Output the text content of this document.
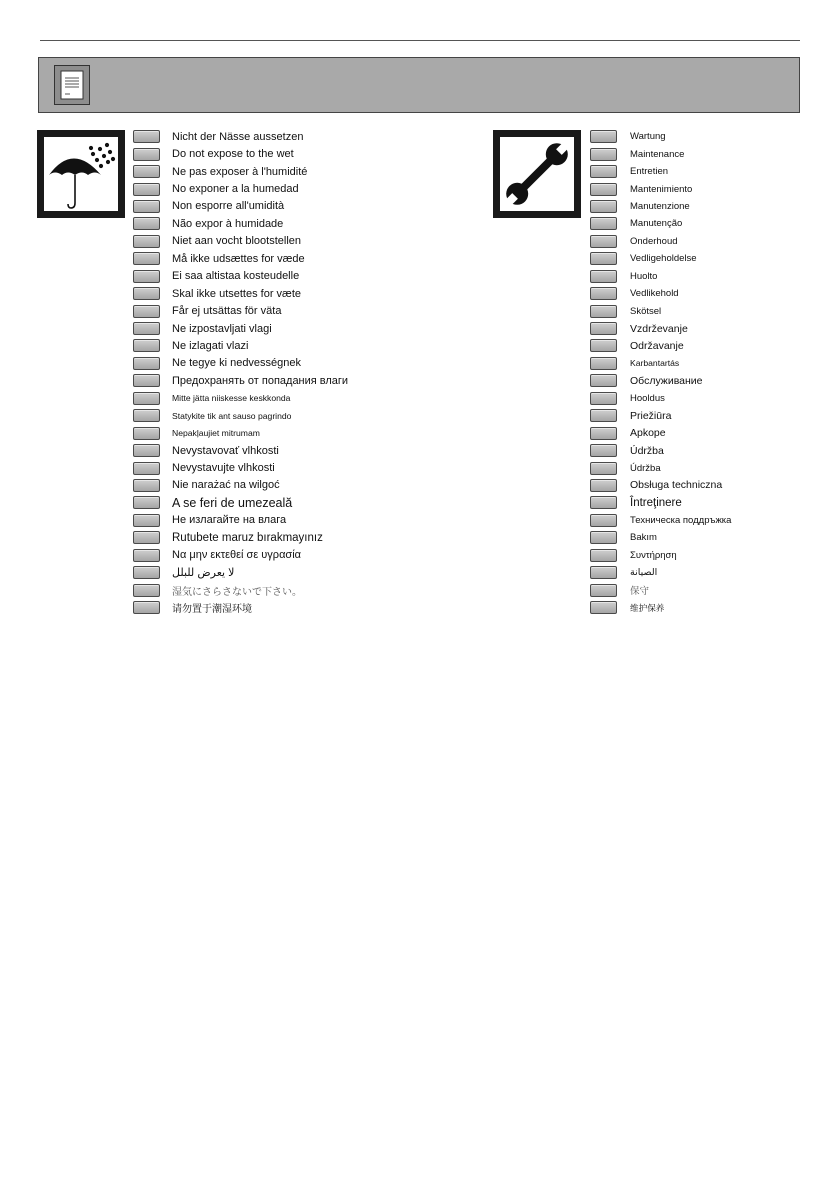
Nicht der Nässe aussetzen
Do not expose to the wet
Ne pas exposer à l'humidité
No exponer a la humedad
Non esporre all'umidità
Não expor à humidade
Niet aan vocht blootstellen
Må ikke udsættes for væde
Ei saa altistaa kosteudelle
Skal ikke utsettes for væte
Får ej utsättas för väta
Ne izpostavljati vlagi
Ne izlagati vlazi
Ne tegye ki nedvességnek
Предохранять от попадания влаги
Mitte jätta niiskesse keskkonda
Statykite tik ant sauso pagrindo
Nepakļaujiet mitrumam
Nevystavovať vlhkosti
Nevystavujte vlhkosti
Nie narażać na wilgoć
A se feri de umezeală
Не излагайте на влага
Rutubete maruz bırakmayınız
Να μην εκτεθεί σε υγρασία
لا يعرض للبلل
湿気にさらさないで下さい。
请勿置于潮湿环境
Wartung
Maintenance
Entretien
Mantenimiento
Manutenzione
Manutenção
Onderhoud
Vedligeholdelse
Huolto
Vedlikehold
Skötsel
Vzdrževanje
Održavanje
Karbantartás
Обслуживание
Hooldus
Priežiūra
Apkope
Údržba
Údržba
Obsługa techniczna
Întreţinere
Техническа поддръжка
Bakım
Συντήρηση
الصيانة
保守
维护保养
